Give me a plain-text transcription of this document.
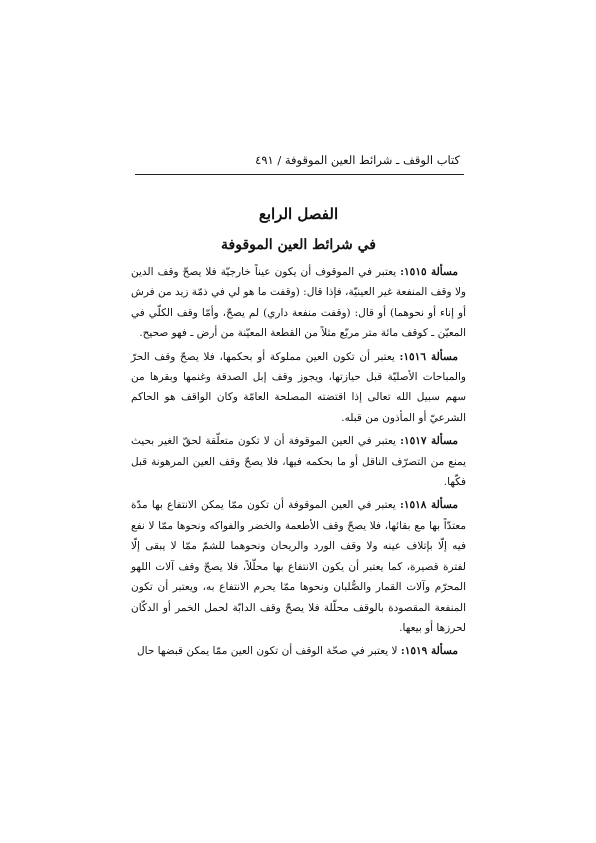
كتاب الوقف ـ شرائط العين الموقوفة / ٤٩١
الفصل الرابع
في شرائط العين الموقوفة

مسألة ١٥١٥: يعتبر في الموقوف أن يكون عيناً خارجيّة فلا يصحّ وقف الدين ولا وقف المنفعة غير العينيّة، فإذا قال: (وقفت ما هو لي في ذمّة زيد من فرش أو إناء أو نحوهما) أو قال: (وقفت منفعة داري) لم يصحّ، وأمّا وقف الكلّي في المعيّن ـ كوقف مائة متر مربّع مثلاً من القطعة المعيّنة من أرض ـ فهو صحيح.

مسألة ١٥١٦: يعتبر أن تكون العين مملوكة أو بحكمها، فلا يصحّ وقف الحرّ والمباحات الأصليّة قبل حيازتها، ويجوز وقف إبل الصدقة وغنمها وبقرها من سهم سبيل الله تعالى إذا اقتضته المصلحة العامّة وكان الواقف هو الحاكم الشرعيّ أو المأذون من قبله.

مسألة ١٥١٧: يعتبر في العين الموقوفة أن لا تكون متعلّقة لحقّ الغير بحيث يمنع من التصرّف الناقل أو ما بحكمه فيها، فلا يصحّ وقف العين المرهونة قبل فكّها.

مسألة ١٥١٨: يعتبر في العين الموقوفة أن تكون ممّا يمكن الانتفاع بها مدّة معتدّاً بها مع بقائها، فلا يصحّ وقف الأطعمة والخضر والفواكه ونحوها ممّا لا نفع فيه إلّا بإتلاف عينه ولا وقف الورد والريحان ونحوهما للشمّ ممّا لا يبقى إلّا لفترة قصيرة، كما يعتبر أن يكون الانتفاع بها محلّلاً، فلا يصحّ وقف آلات اللهو المحرّم وآلات القمار والصُّلبان ونحوها ممّا يحرم الانتفاع به، ويعتبر أن تكون المنفعة المقصودة بالوقف محلّلة فلا يصحّ وقف الدابّة لحمل الخمر أو الدكّان لحرزها أو بيعها.

مسألة ١٥١٩: لا يعتبر في صحّة الوقف أن تكون العين ممّا يمكن قبضها حال
